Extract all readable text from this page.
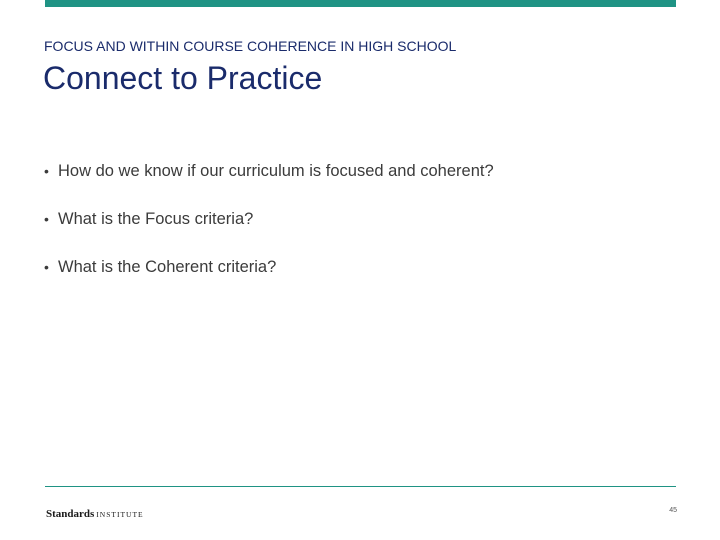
FOCUS AND WITHIN COURSE COHERENCE IN HIGH SCHOOL
Connect to Practice
• How do we know if our curriculum is focused and coherent?
• What is the Focus criteria?
• What is the Coherent criteria?
Standards INSTITUTE	45
